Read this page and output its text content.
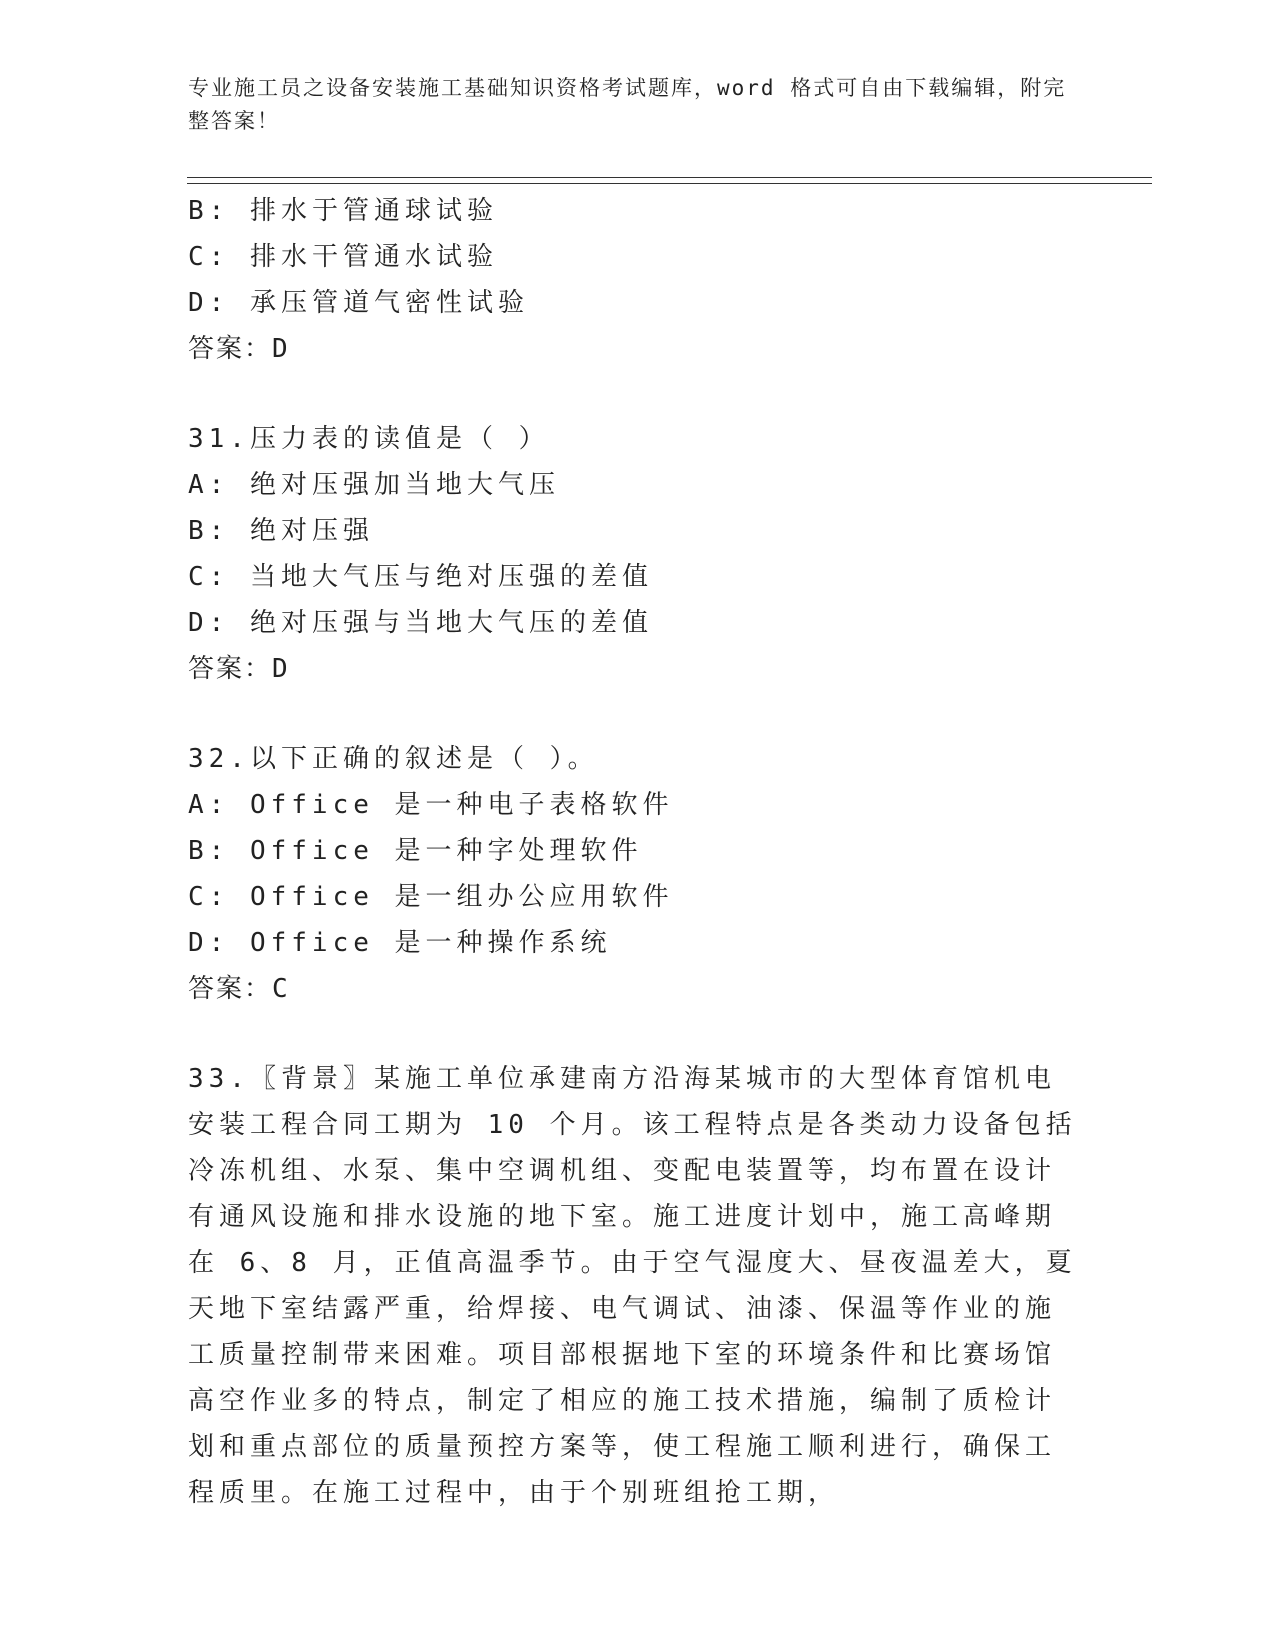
专业施工员之设备安装施工基础知识资格考试题库，word 格式可自由下载编辑，附完整答案！
B: 排水于管通球试验
C: 排水干管通水试验
D: 承压管道气密性试验
答案：D
31.压力表的读值是（ ）
A: 绝对压强加当地大气压
B: 绝对压强
C: 当地大气压与绝对压强的差值
D: 绝对压强与当地大气压的差值
答案：D
32.以下正确的叙述是（ ）。
A: Office 是一种电子表格软件
B: Office 是一种字处理软件
C: Office 是一组办公应用软件
D: Office 是一种操作系统
答案：C
33.〖背景〗某施工单位承建南方沿海某城市的大型体育馆机电安装工程合同工期为 10 个月。该工程特点是各类动力设备包括冷冻机组、水泵、集中空调机组、变配电装置等，均布置在设计有通风设施和排水设施的地下室。施工进度计划中，施工高峰期在 6、8 月，正值高温季节。由于空气湿度大、昼夜温差大，夏天地下室结露严重，给焊接、电气调试、油漆、保温等作业的施工质量控制带来困难。项目部根据地下室的环境条件和比赛场馆高空作业多的特点，制定了相应的施工技术措施，编制了质检计划和重点部位的质量预控方案等，使工程施工顺利进行，确保工程质里。在施工过程中，由于个别班组抢工期，
